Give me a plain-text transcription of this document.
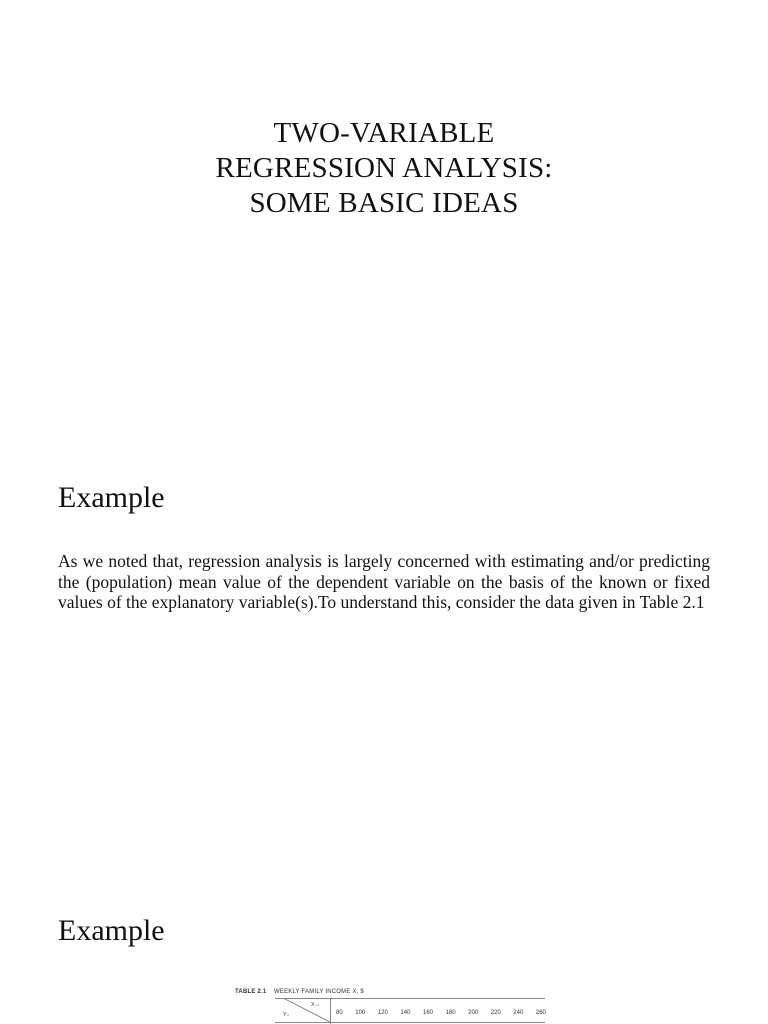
TWO-VARIABLE
REGRESSION ANALYSIS:
SOME BASIC IDEAS
Example
As we noted that, regression analysis is largely concerned with estimating and/or predicting the (population) mean value of the dependent variable on the basis of the known or fixed values of the explanatory variable(s).To understand this, consider the data given in Table 2.1
Example
TABLE 2.1 WEEKLY FAMILY INCOME X, $
X→
Y↓	80 100 120 140 160 180 200 220 240 260
